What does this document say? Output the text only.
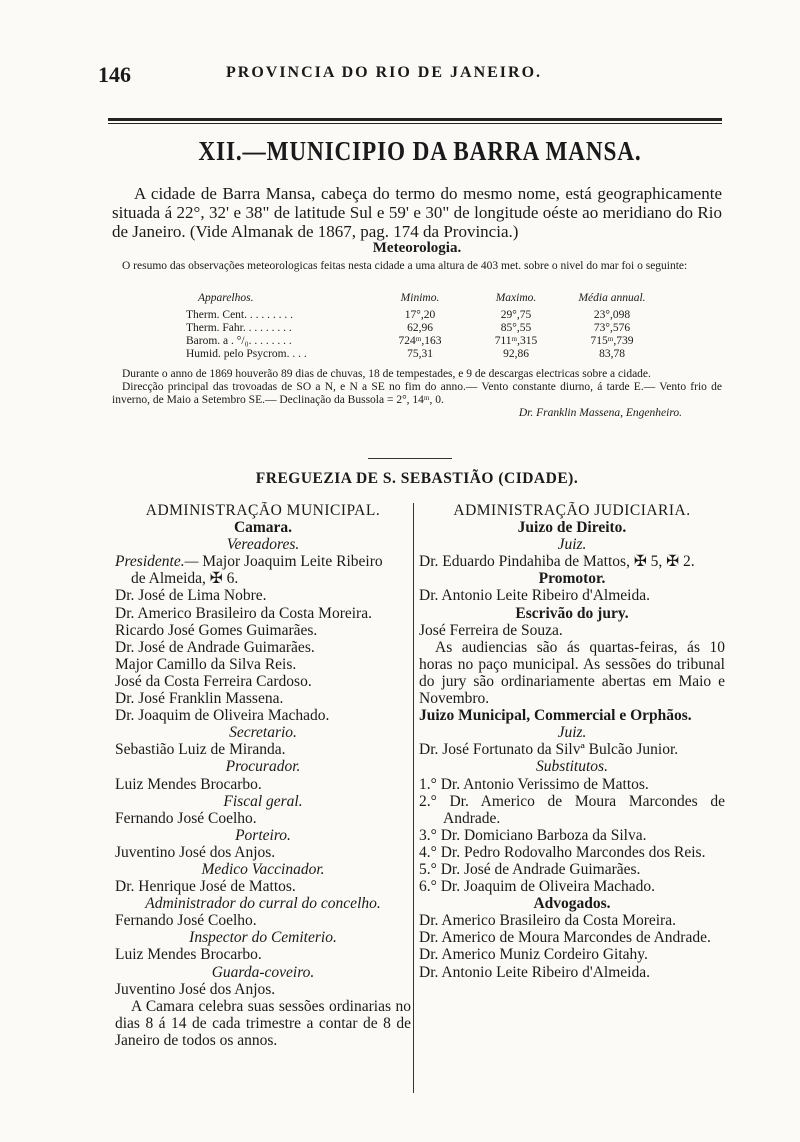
146	PROVINCIA DO RIO DE JANEIRO.
XII.—MUNICIPIO DA BARRA MANSA.

A cidade de Barra Mansa, cabeça do termo do mesmo nome, está geographicamente situada á 22°, 32' e 38" de latitude Sul e 59' e 30" de longitude oéste ao meridiano do Rio de Janeiro. (Vide Almanak de 1867, pag. 174 da Provincia.)

Meteorologia.

O resumo das observações meteorologicas feitas nesta cidade a uma altura de 403 met. sobre o nivel do mar foi o seguinte:

Apparelhos.	Minimo.	Maximo.	Média annual.
Therm. Cent. . . . . . . . .	17°,20	29°,75	23°,098
Therm. Fahr. . . . . . . . .	62,96	85°,55	73°,576
Barom. a . °/₀. . . . . . . .	724ᵐ,163	711ᵐ,315	715ᵐ,739
Humid. pelo Psycrom. . . .	75,31	92,86	83,78

Durante o anno de 1869 houverão 89 dias de chuvas, 18 de tempestades, e 9 de descargas electricas sobre a cidade.

Direcção principal das trovoadas de SO a N, e N a SE no fim do anno.— Vento constante diurno, á tarde E.— Vento frio de inverno, de Maio a Setembro SE.— Declinação da Bussola = 2°, 14ᵐ, 0.

Dr. Franklin Massena, Engenheiro.
FREGUEZIA DE S. SEBASTIÃO (CIDADE).
ADMINISTRAÇÃO MUNICIPAL.
Camara.
Vereadores.
Presidente.— Major Joaquim Leite Ribeiro
de Almeida, ✠ 6.
Dr. José de Lima Nobre.
Dr. Americo Brasileiro da Costa Moreira.
Ricardo José Gomes Guimarães.
Dr. José de Andrade Guimarães.
Major Camillo da Silva Reis.
José da Costa Ferreira Cardoso.
Dr. José Franklin Massena.
Dr. Joaquim de Oliveira Machado.
Secretario.
Sebastião Luiz de Miranda.
Procurador.
Luiz Mendes Brocarbo.
Fiscal geral.
Fernando José Coelho.
Porteiro.
Juventino José dos Anjos.
Medico Vaccinador.
Dr. Henrique José de Mattos.
Administrador do curral do concelho.
Fernando José Coelho.
Inspector do Cemiterio.
Luiz Mendes Brocarbo.
Guarda-coveiro.
Juventino José dos Anjos.
A Camara celebra suas sessões ordinarias no dias 8 á 14 de cada trimestre a contar de 8 de Janeiro de todos os annos.
ADMINISTRAÇÃO JUDICIARIA.
Juizo de Direito.
Juiz.
Dr. Eduardo Pindahiba de Mattos, ✠ 5, ✠ 2.
Promotor.
Dr. Antonio Leite Ribeiro d'Almeida.
Escrivão do jury.
José Ferreira de Souza.
As audiencias são ás quartas-feiras, ás 10 horas no paço municipal. As sessões do tribunal do jury são ordinariamente abertas em Maio e Novembro.
Juizo Municipal, Commercial e Orphãos.
Juiz.
Dr. José Fortunato da Silvª Bulcão Junior.
Substitutos.
1.° Dr. Antonio Verissimo de Mattos.
2.° Dr. Americo de Moura Marcondes de Andrade.
3.° Dr. Domiciano Barboza da Silva.
4.° Dr. Pedro Rodovalho Marcondes dos Reis.
5.° Dr. José de Andrade Guimarães.
6.° Dr. Joaquim de Oliveira Machado.
Advogados.
Dr. Americo Brasileiro da Costa Moreira.
Dr. Americo de Moura Marcondes de Andrade.
Dr. Americo Muniz Cordeiro Gitahy.
Dr. Antonio Leite Ribeiro d'Almeida.
